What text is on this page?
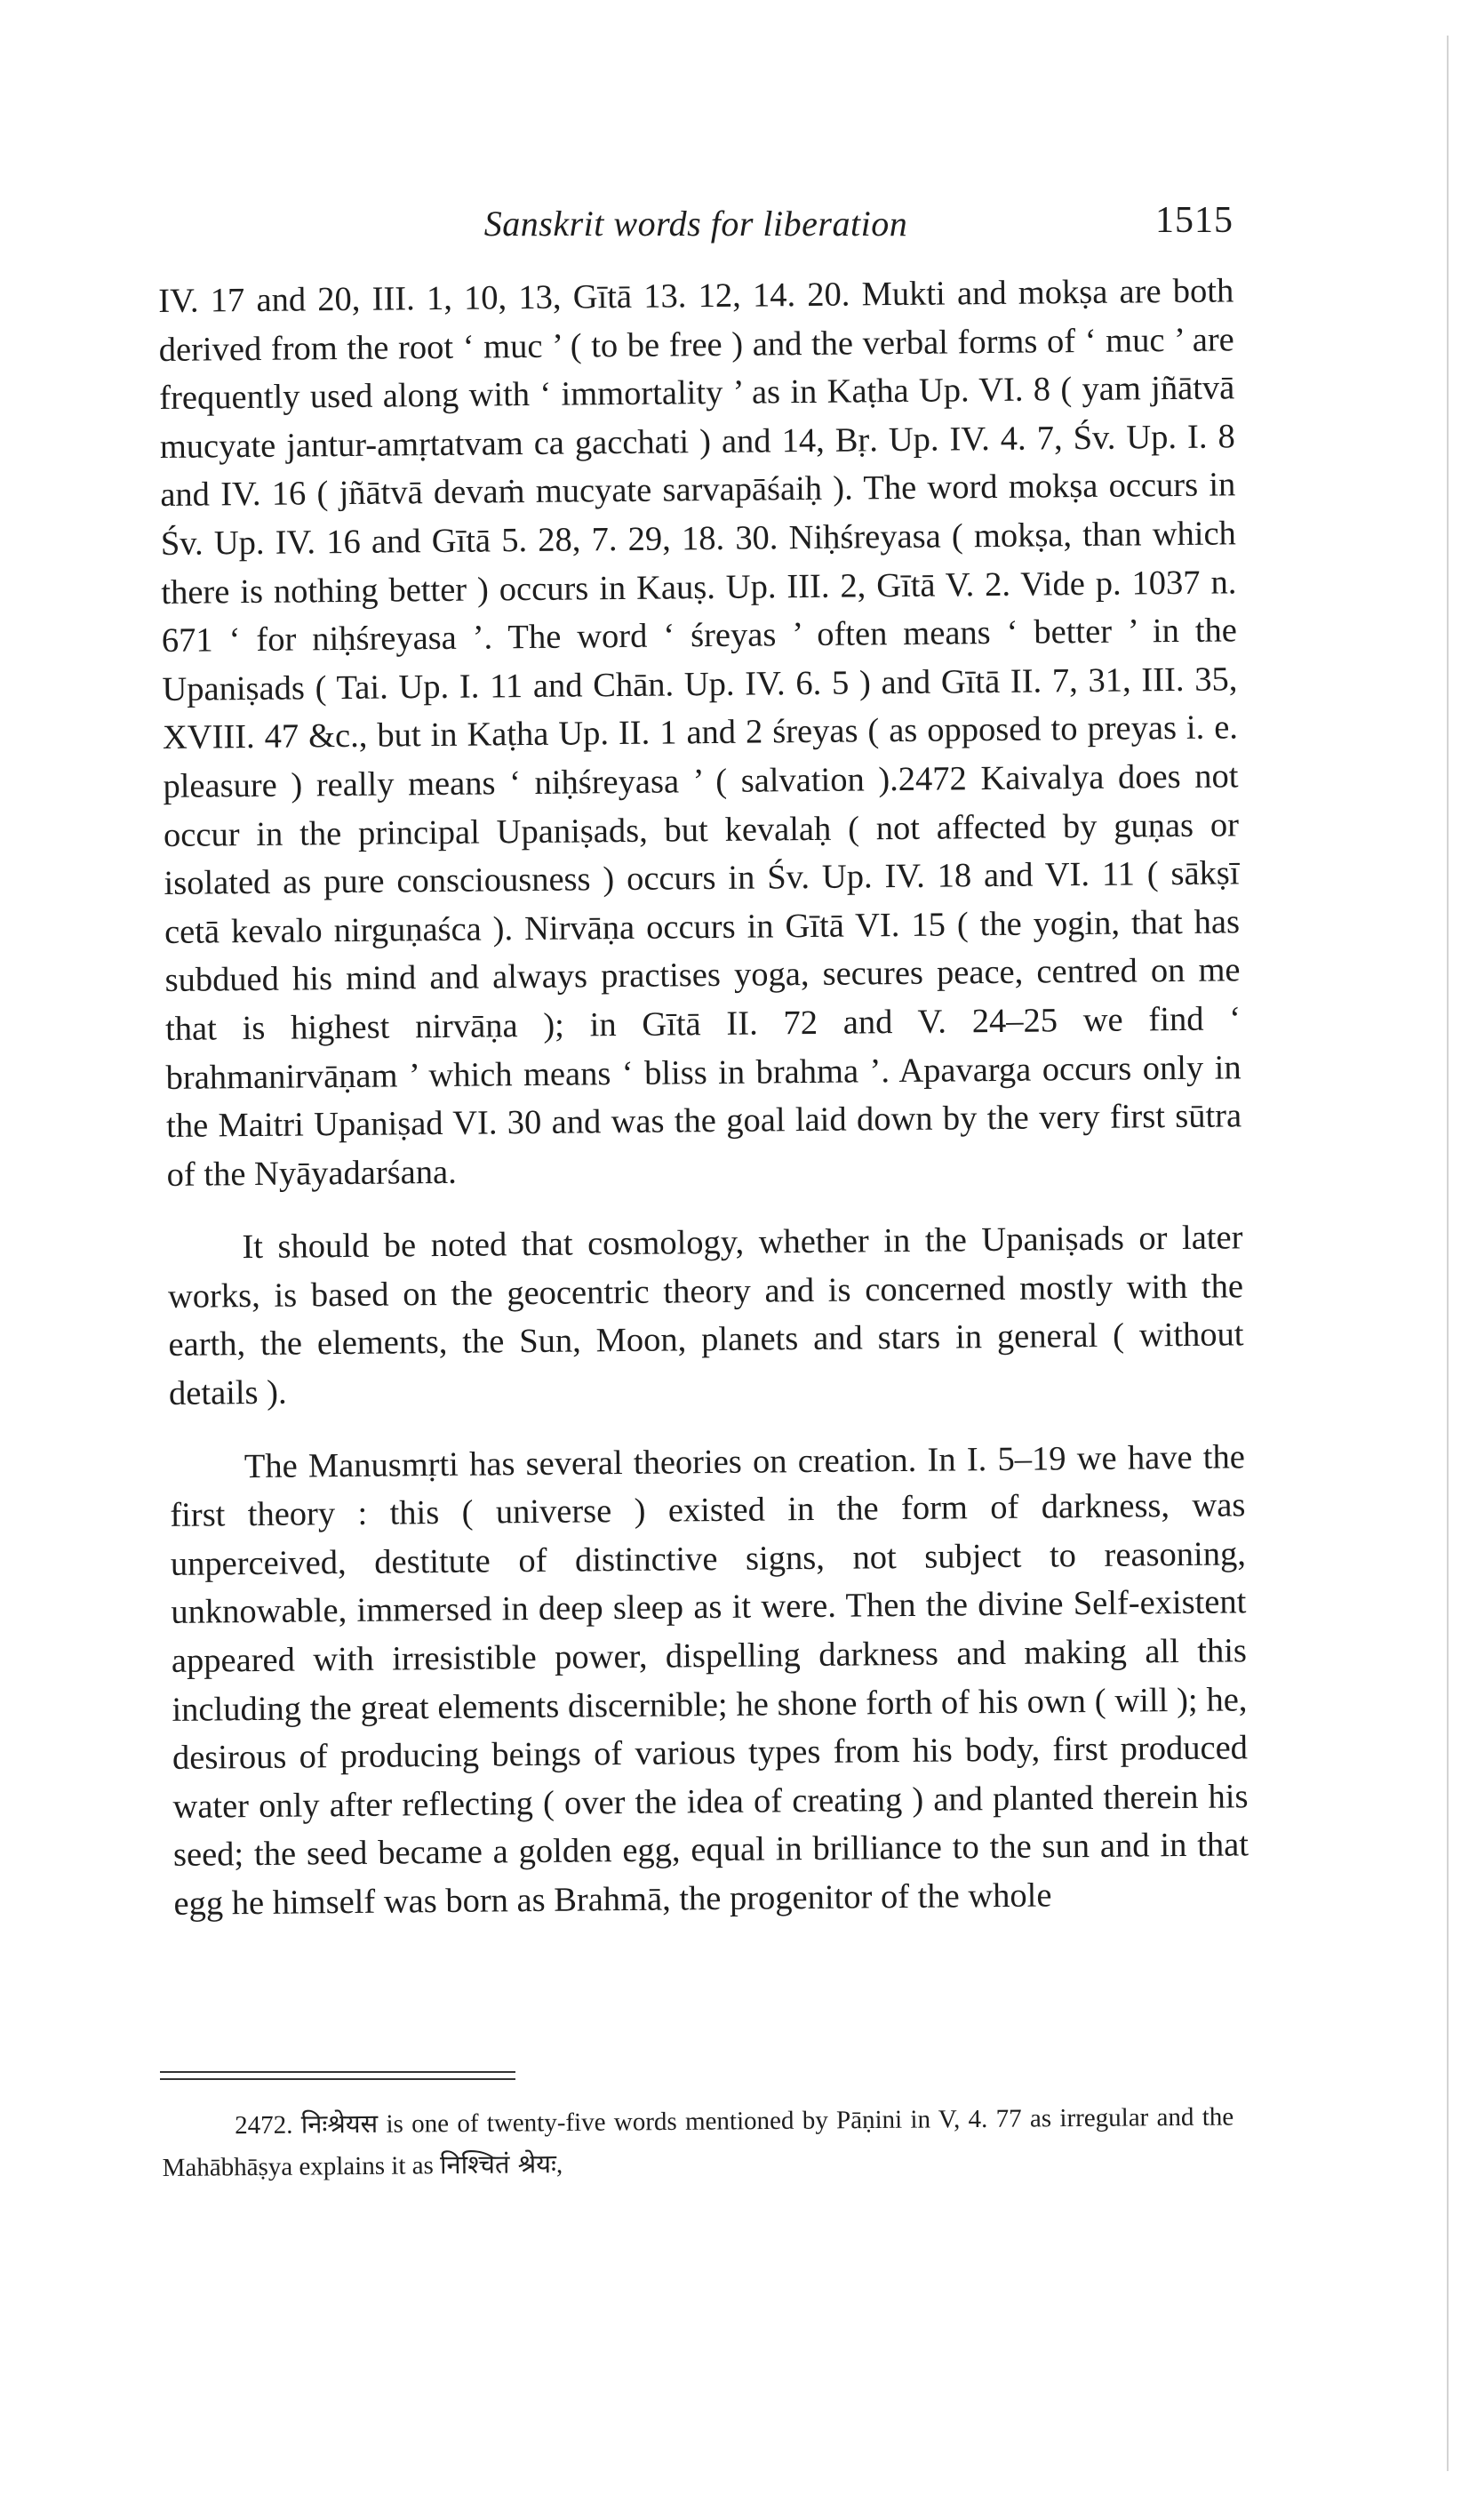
Sanskrit words for liberation	1515

IV. 17 and 20, III. 1, 10, 13, Gītā 13. 12, 14. 20. Mukti and mokṣa are both derived from the root ‘ muc ’ ( to be free ) and the verbal forms of ‘ muc ’ are frequently used along with ‘ immortality ’ as in Kaṭha Up. VI. 8 ( yam jñātvā mucyate jantur-amṛtatvam ca gacchati ) and 14, Bṛ. Up. IV. 4. 7, Śv. Up. I. 8 and IV. 16 ( jñātvā devaṁ mucyate sarvapāśaiḥ ). The word mokṣa occurs in Śv. Up. IV. 16 and Gītā 5. 28, 7. 29, 18. 30. Niḥśreyasa ( mokṣa, than which there is nothing better ) occurs in Kauṣ. Up. III. 2, Gītā V. 2. Vide p. 1037 n. 671 ‘ for niḥśreyasa ’. The word ‘ śreyas ’ often means ‘ better ’ in the Upaniṣads ( Tai. Up. I. 11 and Chān. Up. IV. 6. 5 ) and Gītā II. 7, 31, III. 35, XVIII. 47 &c., but in Kaṭha Up. II. 1 and 2 śreyas ( as opposed to preyas i. e. pleasure ) really means ‘ niḥśreyasa ’ ( salvation ).2472 Kaivalya does not occur in the principal Upaniṣads, but kevalaḥ ( not affected by guṇas or isolated as pure consciousness ) occurs in Śv. Up. IV. 18 and VI. 11 ( sākṣī cetā kevalo nirguṇaśca ). Nirvāṇa occurs in Gītā VI. 15 ( the yogin, that has subdued his mind and always practises yoga, secures peace, centred on me that is highest nirvāṇa ); in Gītā II. 72 and V. 24–25 we find ‘ brahmanirvāṇam ’ which means ‘ bliss in brahma ’. Apavarga occurs only in the Maitri Upaniṣad VI. 30 and was the goal laid down by the very first sūtra of the Nyāyadarśana.

It should be noted that cosmology, whether in the Upaniṣads or later works, is based on the geocentric theory and is concerned mostly with the earth, the elements, the Sun, Moon, planets and stars in general ( without details ).

The Manusmṛti has several theories on creation. In I. 5–19 we have the first theory : this ( universe ) existed in the form of darkness, was unperceived, destitute of distinctive signs, not subject to reasoning, unknowable, immersed in deep sleep as it were. Then the divine Self-existent appeared with irresistible power, dispelling darkness and making all this including the great elements discernible; he shone forth of his own ( will ); he, desirous of producing beings of various types from his body, first produced water only after reflecting ( over the idea of creating ) and planted therein his seed; the seed became a golden egg, equal in brilliance to the sun and in that egg he himself was born as Brahmā, the progenitor of the whole

2472. निःश्रेयस is one of twenty-five words mentioned by Pāṇini in V, 4. 77 as irregular and the Mahābhāṣya explains it as निश्चितं श्रेयः,
